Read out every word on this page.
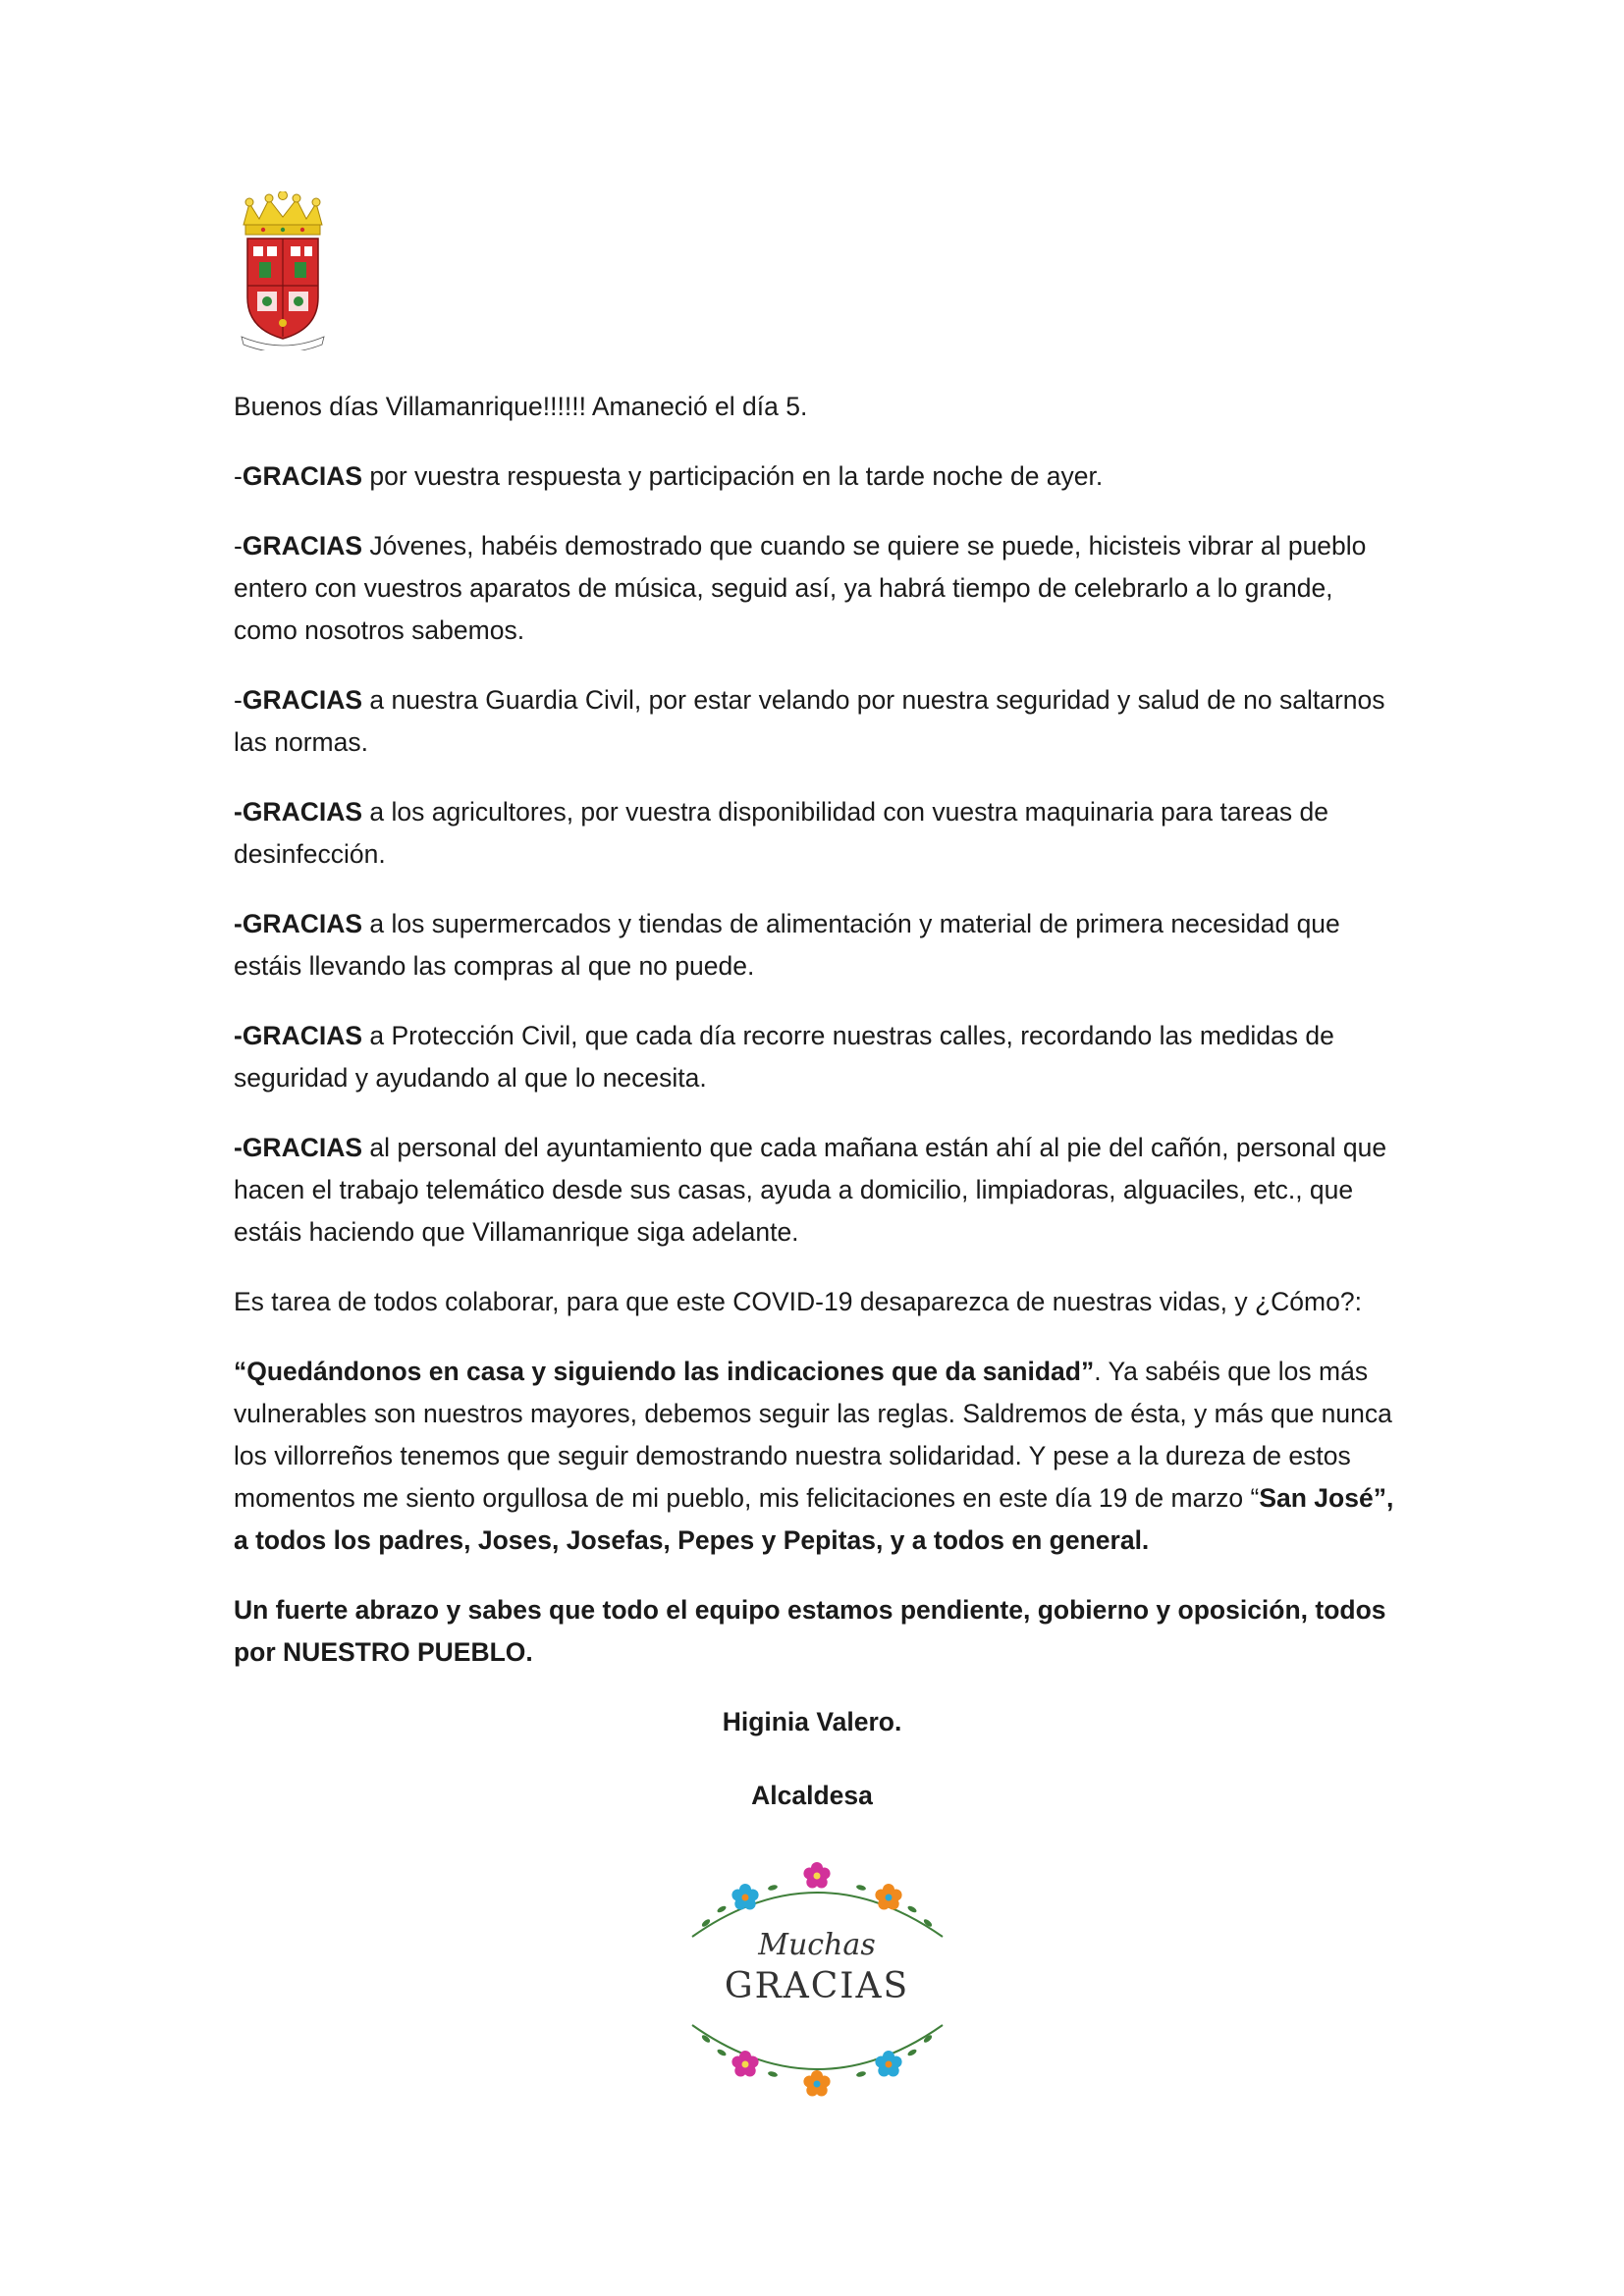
Buenos días Villamanrique!!!!!! Amaneció el día 5.

-GRACIAS por vuestra respuesta y participación en la tarde noche de ayer.

-GRACIAS Jóvenes, habéis demostrado que cuando se quiere se puede, hicisteis vibrar al pueblo entero con vuestros aparatos de música, seguid así, ya habrá tiempo de celebrarlo a lo grande, como nosotros sabemos.

-GRACIAS a nuestra Guardia Civil, por estar velando por nuestra seguridad y salud de no saltarnos las normas.

-GRACIAS a los agricultores, por vuestra disponibilidad con vuestra maquinaria para tareas de desinfección.

-GRACIAS a los supermercados y tiendas de alimentación y material de primera necesidad que estáis llevando las compras al que no puede.

-GRACIAS a Protección Civil, que cada día recorre nuestras calles, recordando las medidas de seguridad y ayudando al que lo necesita.

-GRACIAS al personal del ayuntamiento que cada mañana están ahí al pie del cañón, personal que hacen el trabajo telemático desde sus casas, ayuda a domicilio, limpiadoras, alguaciles, etc., que estáis haciendo que Villamanrique siga adelante.

Es tarea de todos colaborar, para que este COVID-19 desaparezca de nuestras vidas, y ¿Cómo?:

“Quedándonos en casa y siguiendo las indicaciones que da sanidad”. Ya sabéis que los más vulnerables son nuestros mayores, debemos seguir las reglas. Saldremos de ésta, y más que nunca los villorreños tenemos que seguir demostrando nuestra solidaridad. Y pese a la dureza de estos momentos me siento orgullosa de mi pueblo, mis felicitaciones en este día 19 de marzo “San José”, a todos los padres, Joses, Josefas, Pepes y Pepitas, y a todos en general.

Un fuerte abrazo y sabes que todo el equipo estamos pendiente, gobierno y oposición, todos por NUESTRO PUEBLO.

Higinia Valero.
Alcaldesa
Muchas
GRACIAS
